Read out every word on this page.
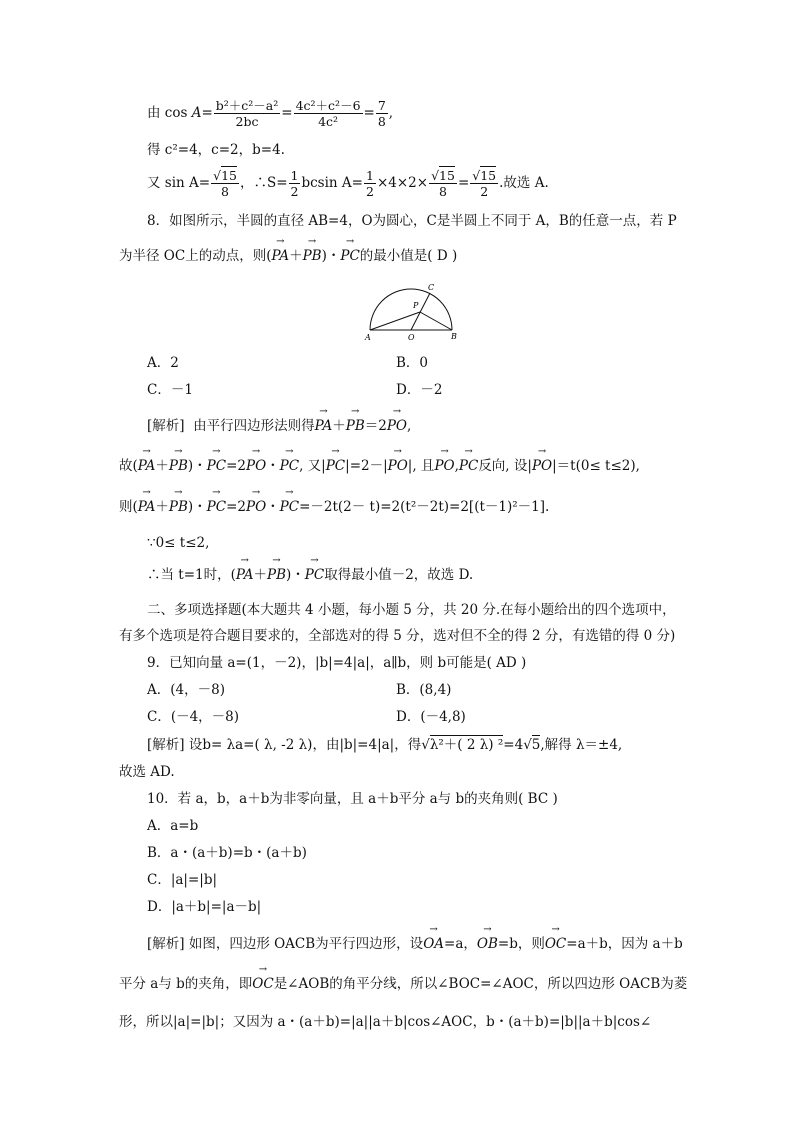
由 $\cos A= \frac{\text{b²＋c²－a²}}{2bc} = \frac{\text{4c²＋c²－6}}{\text{4c²}} = \frac{7}{8}$ ,
得 c²=4，c=2，b=4.
又 $\sin A= \frac{√15}{8}$ ，∴S= $\frac{1}{2}$ bcsin $A= \frac{1}{2} \times 4\times 2\times \frac{√15}{8} = \frac{√15}{2}$ .故选 A.
8．如图所示，半圆的直径 AB=4，O为圆心，C是半圆上不同于 A，B的任意一点，若 P
为半径 OC上的动点，则(→ PA＋→ PB)・→ PC的最小值是( D )
A	O	B
C
P
A．2	B．0
C．－1	D．－2
[解析] 由平行四边形法则得→ PA＋→ PB＝2→ PO,
故(→ PA＋→ PB)・→ PC=2→ PO・→ PC, 又|→ PC|=2－|→ PO|, 且→ PO,→ PC反向, 设|→ PO|＝t(0≤ t≤2),
则(→ PA＋→ PB)・→ PC=2→ PO・→ PC=－2t(2－ t)=2(t²－2t)=2[(t－1)²－1].
∵0≤ t≤2,
∴当 t=1时，(→ PA＋→ PB)・→ PC取得最小值－2，故选 D.
二、多项选择题(本大题共 4 小题，每小题 5 分，共 20 分.在每小题给出的四个选项中，
有多个选项是符合题目要求的，全部选对的得 5 分，选对但不全的得 2 分，有选错的得 0 分)
9．已知向量 a=(1，－2)，|b|=4|a|，a∥b，则 b可能是( AD )
A．(4，－8)	B．(8,4)
C．(－4，－8)	D．(－4,8)
[解析] 设b= λa=( λ, -2 λ)，由|b|=4|a|，得√λ²＋( 2 λ) ²=4√5,解得 λ＝±4,
故选 AD.
10．若 a，b，a＋b为非零向量，且 a＋b平分 a与 b的夹角则( BC )
A．a=b
B．a・(a＋b)=b・(a＋b)
C．|a|=|b|
D．|a＋b|=|a－b|
[解析] 如图，四边形 OACB为平行四边形，设→ OA=a，→ OB=b，则→ OC=a＋b，因为 a＋b
平分 a与 b的夹角，即→ OC是∠AOB的角平分线，所以∠BOC=∠AOC，所以四边形 OACB为菱
形，所以|a|=|b|；又因为 a・(a＋b)=|a||a＋b|cos∠AOC，b・(a＋b)=|b||a＋b|cos∠
